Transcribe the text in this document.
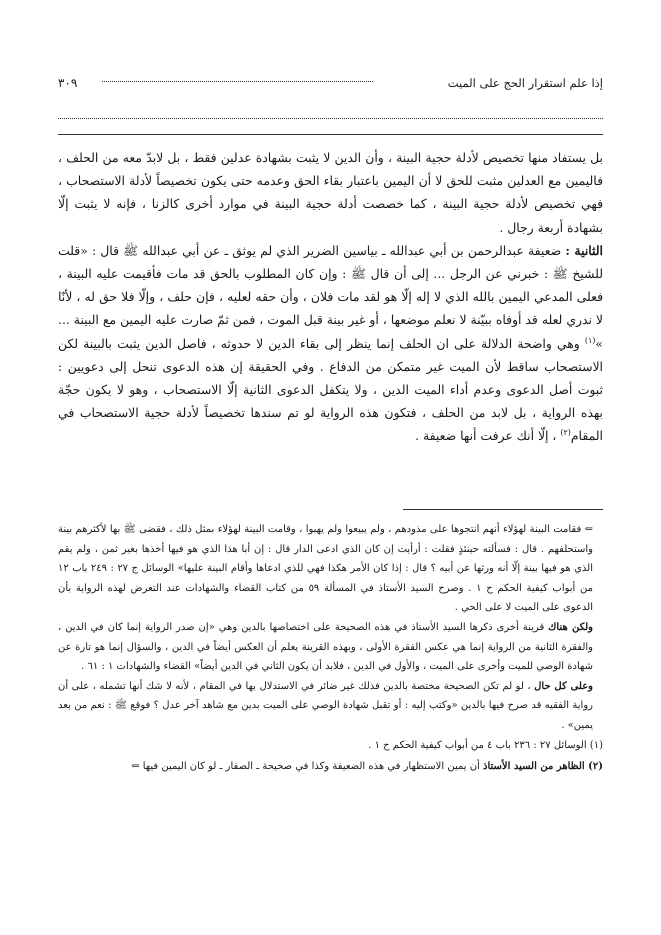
إذا علم استقرار الحج على الميت
٣٠٩

بل يستفاد منها تخصيص لأدلة حجية البينة ، وأن الدين لا يثبت بشهادة عدلين فقط ، بل لابدّ معه من الحلف ، فاليمين مع العدلين مثبت للحق لا أن اليمين باعتبار بقاء الحق وعدمه حتى يكون تخصيصاً لأدلة الاستصحاب ، فهي تخصيص لأدلة حجية البينة ، كما خصصت أدلة حجية البينة في موارد أخرى كالزنا ، فإنه لا يثبت إلّا بشهادة أربعة رجال .

الثانية : ضعيفة عبدالرحمن بن أبي عبدالله ـ بياسين الضرير الذي لم يوثق ـ عن أبي عبدالله ﷺ قال : «قلت للشيخ ﷺ : خبرني عن الرجل ... إلى أن قال ﷺ : وإن كان المطلوب بالحق قد مات فأقيمت عليه البينة ، فعلى المدعي اليمين بالله الذي لا إله إلّا هو لقد مات فلان ، وأن حقه لعليه ، فإن حلف ، وإلّا فلا حق له ، لأنّا لا ندري لعله قد أوفاه ببيّنة لا نعلم موضعها ، أو غير بينة قبل الموت ، فمن ثمّ صارت عليه اليمين مع البينة ... »$^{(١)}$ وهي واضحة الدلالة على ان الحلف إنما ينظر إلى بقاء الدين لا حدوثه ، فاصل الدين يثبت بالبينة لكن الاستصحاب ساقط لأن الميت غير متمكن من الدفاع . وفي الحقيقة إن هذه الدعوى تنحل إلى دعويين : ثبوت أصل الدعوى وعدم أداء الميت الدين ، ولا يتكفل الدعوى الثانية إلّا الاستصحاب ، وهو لا يكون حجّة بهذه الرواية ، بل لابد من الحلف ، فتكون هذه الرواية لو تم سندها تخصيصاً لأدلة حجية الاستصحاب في المقام$^{(٢)}$ ، إلّا أنك عرفت أنها ضعيفة .

⇐ فقامت البينة لهؤلاء أنهم انتجوها على مذودهم ، ولم يبيعوا ولم يهبوا ، وقامت البينة لهؤلاء بمثل ذلك ، فقضى ﷺ بها لأكثرهم بينة واستحلفهم . قال : فسألته حينئذٍ فقلت : أرأيت إن كان الذي ادعى الدار قال : إن أبا هذا الذي هو فيها أخذها بغير ثمن ، ولم يقم الذي هو فيها بينة إلّا أنه ورثها عن أبيه ؟ قال : إذا كان الأمر هكذا فهي للذي ادعاها وأقام البينة عليها» الوسائل ج ٢٧ : ٢٤٩ باب ١٢ من أبواب كيفية الحكم ح ١ . وصرح السيد الأستاذ في المسألة ٥٩ من كتاب القضاء والشهادات عند التعرض لهذه الرواية بأن الدعوى على الميت لا على الحي .

ولكن هناك قرينة أخرى ذكرها السيد الأستاذ في هذه الصحيحة على اختصاصها بالدين وهي «إن صدر الرواية إنما كان في الدين ، والفقرة الثانية من الرواية إنما هي عكس الفقرة الأولى ، وبهذه القرينة يعلم أن العكس أيضاً في الدين ، والسؤال إنما هو تارة عن شهادة الوصي للميت وأخرى على الميت ، والأول في الدين ، فلابد أن يكون الثاني في الدين أيضاً» القضاء والشهادات ١ : ٦١ .

وعلى كل حال ، لو لم تكن الصحيحة مختصة بالدين فذلك غير ضائر في الاستدلال بها في المقام ، لأنه لا شك أنها تشمله ، على أن رواية الفقيه قد صرح فيها بالدين «وكتب إليه : أو تقبل شهادة الوصي على الميت بدين مع شاهد آخر عدل ؟ فوقع ﷺ : نعم من بعد يمين» .

(١) الوسائل ٢٧ : ٢٣٦ باب ٤ من أبواب كيفية الحكم ح ١ .

(٢) الظاهر من السيد الأستاذ أن يمين الاستظهار في هذه الضعيفة وكذا في صحيحة ـ الصفار ـ لو كان اليمين فيها ⇐
